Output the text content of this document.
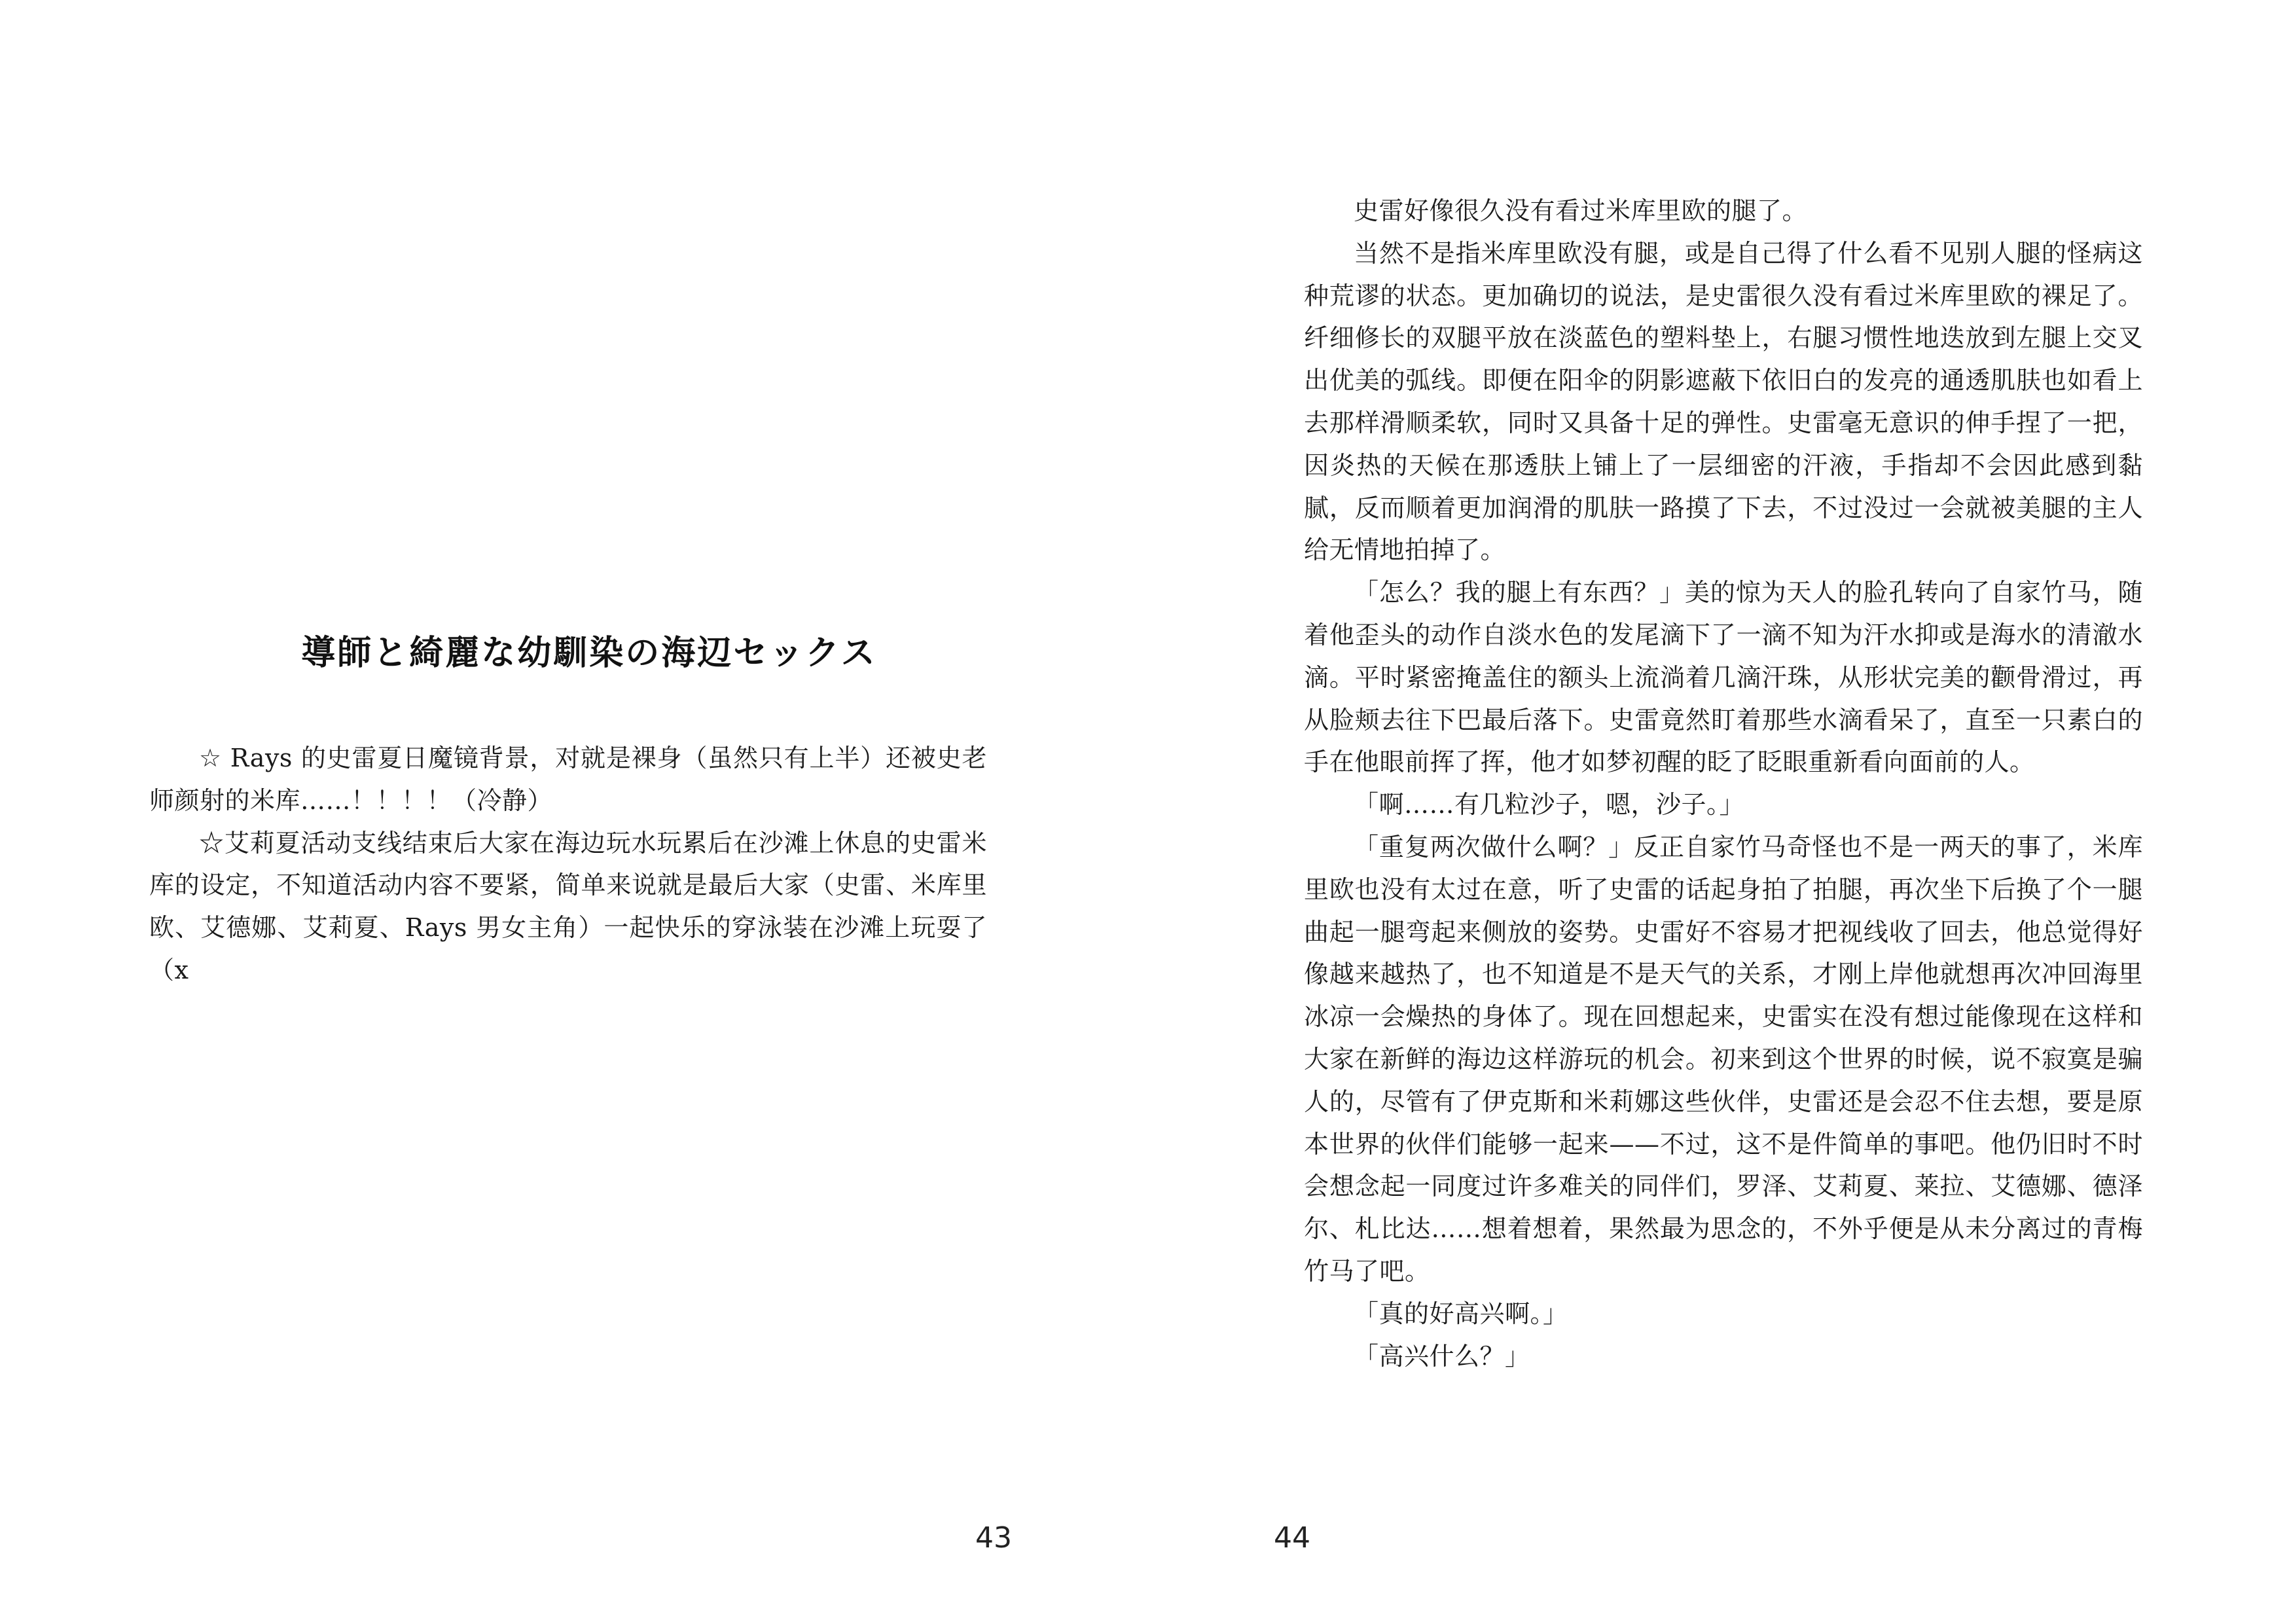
導師と綺麗な幼馴染の海辺セックス

☆ Rays 的史雷夏日魔镜背景，对就是裸身（虽然只有上半）还被史老师颜射的米库……！！！！（冷静）

☆艾莉夏活动支线结束后大家在海边玩水玩累后在沙滩上休息的史雷米库的设定，不知道活动内容不要紧，简单来说就是最后大家（史雷、米库里欧、艾德娜、艾莉夏、Rays 男女主角）一起快乐的穿泳装在沙滩上玩耍了（x

43

史雷好像很久没有看过米库里欧的腿了。

当然不是指米库里欧没有腿，或是自己得了什么看不见别人腿的怪病这种荒谬的状态。更加确切的说法，是史雷很久没有看过米库里欧的裸足了。纤细修长的双腿平放在淡蓝色的塑料垫上，右腿习惯性地迭放到左腿上交叉出优美的弧线。即便在阳伞的阴影遮蔽下依旧白的发亮的通透肌肤也如看上去那样滑顺柔软，同时又具备十足的弹性。史雷毫无意识的伸手捏了一把，因炎热的天候在那透肤上铺上了一层细密的汗液，手指却不会因此感到黏腻，反而顺着更加润滑的肌肤一路摸了下去，不过没过一会就被美腿的主人给无情地拍掉了。

「怎么？我的腿上有东西？」美的惊为天人的脸孔转向了自家竹马，随着他歪头的动作自淡水色的发尾滴下了一滴不知为汗水抑或是海水的清澈水滴。平时紧密掩盖住的额头上流淌着几滴汗珠，从形状完美的颧骨滑过，再从脸颊去往下巴最后落下。史雷竟然盯着那些水滴看呆了，直至一只素白的手在他眼前挥了挥，他才如梦初醒的眨了眨眼重新看向面前的人。

「啊……有几粒沙子，嗯，沙子。」

「重复两次做什么啊？」反正自家竹马奇怪也不是一两天的事了，米库里欧也没有太过在意，听了史雷的话起身拍了拍腿，再次坐下后换了个一腿曲起一腿弯起来侧放的姿势。史雷好不容易才把视线收了回去，他总觉得好像越来越热了，也不知道是不是天气的关系，才刚上岸他就想再次冲回海里冰凉一会燥热的身体了。现在回想起来，史雷实在没有想过能像现在这样和大家在新鲜的海边这样游玩的机会。初来到这个世界的时候，说不寂寞是骗人的，尽管有了伊克斯和米莉娜这些伙伴，史雷还是会忍不住去想，要是原本世界的伙伴们能够一起来——不过，这不是件简单的事吧。他仍旧时不时会想念起一同度过许多难关的同伴们，罗泽、艾莉夏、莱拉、艾德娜、德泽尔、札比达……想着想着，果然最为思念的，不外乎便是从未分离过的青梅竹马了吧。

「真的好高兴啊。」

「高兴什么？」

44
